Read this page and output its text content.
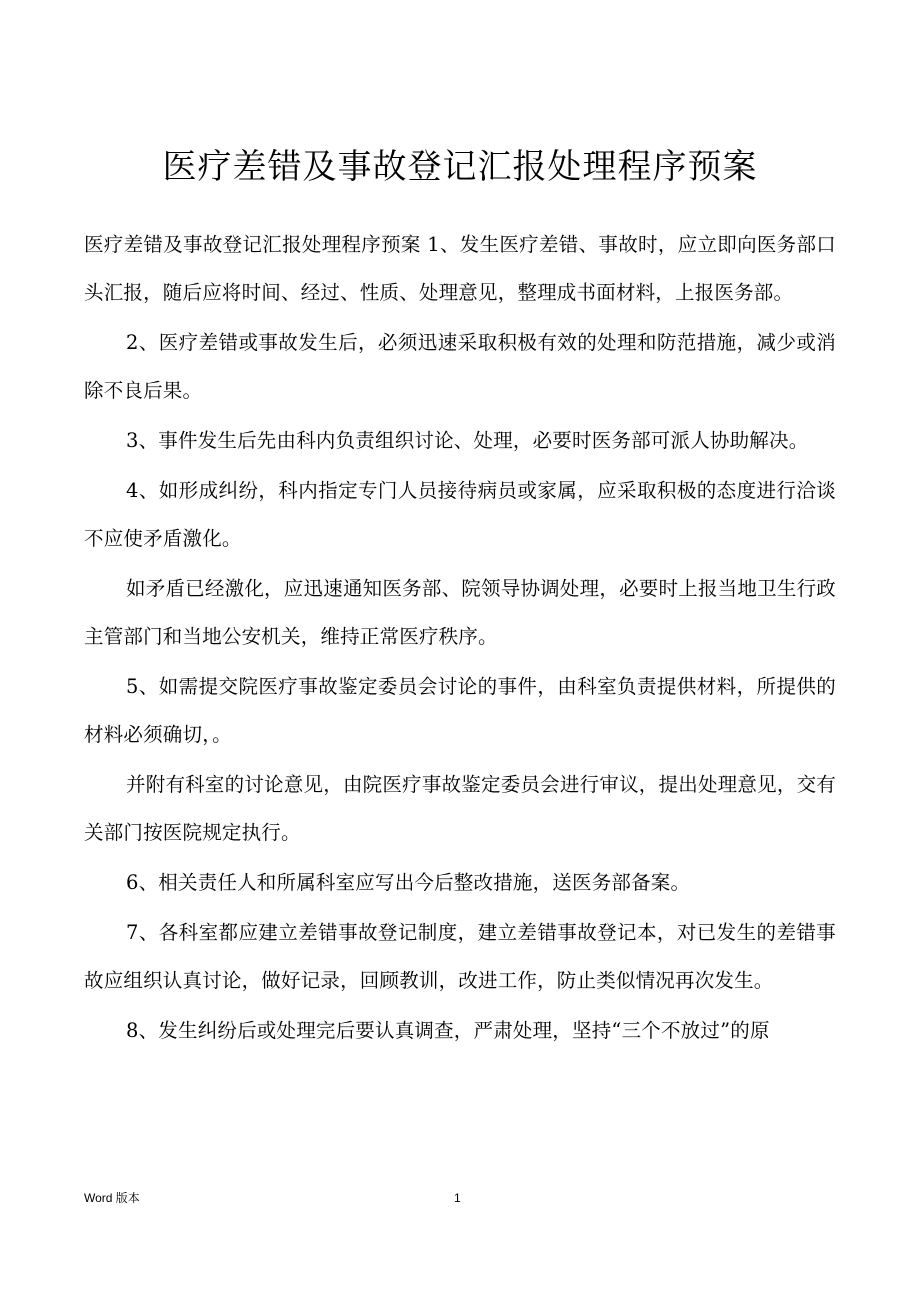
医疗差错及事故登记汇报处理程序预案

医疗差错及事故登记汇报处理程序预案 1、发生医疗差错、事故时，应立即向医务部口头汇报，随后应将时间、经过、性质、处理意见，整理成书面材料，上报医务部。

2、医疗差错或事故发生后，必须迅速采取积极有效的处理和防范措施，减少或消除不良后果。

3、事件发生后先由科内负责组织讨论、处理，必要时医务部可派人协助解决。

4、如形成纠纷，科内指定专门人员接待病员或家属，应采取积极的态度进行洽谈不应使矛盾激化。

如矛盾已经激化，应迅速通知医务部、院领导协调处理，必要时上报当地卫生行政主管部门和当地公安机关，维持正常医疗秩序。

5、如需提交院医疗事故鉴定委员会讨论的事件，由科室负责提供材料，所提供的材料必须确切，。

并附有科室的讨论意见，由院医疗事故鉴定委员会进行审议，提出处理意见，交有关部门按医院规定执行。

6、相关责任人和所属科室应写出今后整改措施，送医务部备案。

7、各科室都应建立差错事故登记制度，建立差错事故登记本，对已发生的差错事故应组织认真讨论，做好记录，回顾教训，改进工作，防止类似情况再次发生。

8、发生纠纷后或处理完后要认真调查，严肃处理，坚持“三个不放过”的原

Word 版本	1
